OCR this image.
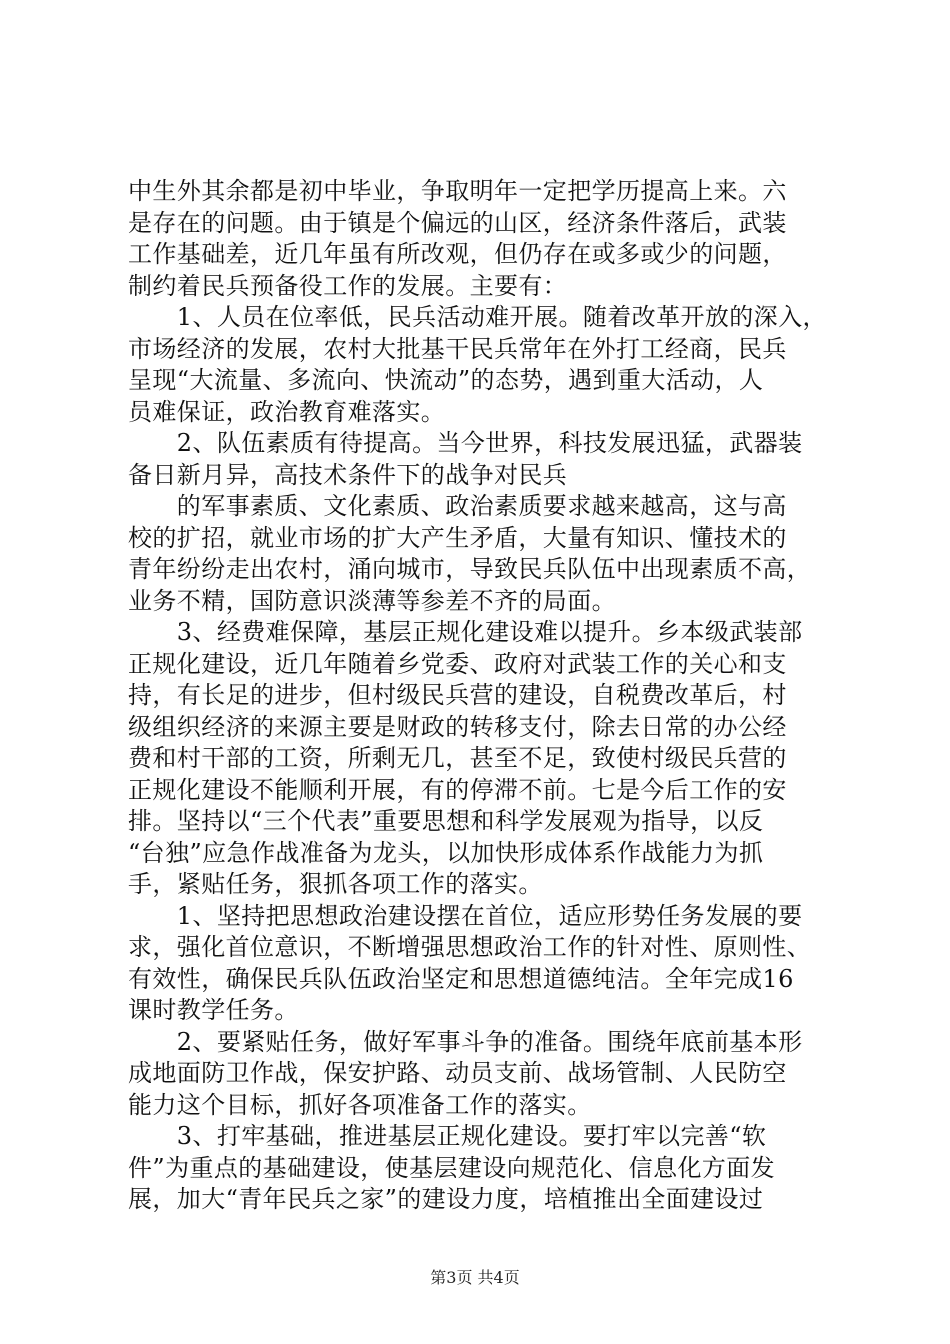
中生外其余都是初中毕业，争取明年一定把学历提高上来。六
是存在的问题。由于镇是个偏远的山区，经济条件落后，武装
工作基础差，近几年虽有所改观，但仍存在或多或少的问题，
制约着民兵预备役工作的发展。主要有：
　　1、人员在位率低，民兵活动难开展。随着改革开放的深入，
市场经济的发展，农村大批基干民兵常年在外打工经商，民兵
呈现“大流量、多流向、快流动”的态势，遇到重大活动，人
员难保证，政治教育难落实。
　　2、队伍素质有待提高。当今世界，科技发展迅猛，武器装
备日新月异，高技术条件下的战争对民兵
　　的军事素质、文化素质、政治素质要求越来越高，这与高
校的扩招，就业市场的扩大产生矛盾，大量有知识、懂技术的
青年纷纷走出农村，涌向城市，导致民兵队伍中出现素质不高，
业务不精，国防意识淡薄等参差不齐的局面。
　　3、经费难保障，基层正规化建设难以提升。乡本级武装部
正规化建设，近几年随着乡党委、政府对武装工作的关心和支
持，有长足的进步，但村级民兵营的建设，自税费改革后，村
级组织经济的来源主要是财政的转移支付，除去日常的办公经
费和村干部的工资，所剩无几，甚至不足，致使村级民兵营的
正规化建设不能顺利开展，有的停滞不前。七是今后工作的安
排。坚持以“三个代表”重要思想和科学发展观为指导，以反
“台独”应急作战准备为龙头，以加快形成体系作战能力为抓
手，紧贴任务，狠抓各项工作的落实。
　　1、坚持把思想政治建设摆在首位，适应形势任务发展的要
求，强化首位意识，不断增强思想政治工作的针对性、原则性、
有效性，确保民兵队伍政治坚定和思想道德纯洁。全年完成16
课时教学任务。
　　2、要紧贴任务，做好军事斗争的准备。围绕年底前基本形
成地面防卫作战，保安护路、动员支前、战场管制、人民防空
能力这个目标，抓好各项准备工作的落实。
　　3、打牢基础，推进基层正规化建设。要打牢以完善“软
件”为重点的基础建设，使基层建设向规范化、信息化方面发
展，加大“青年民兵之家”的建设力度，培植推出全面建设过
第3页 共4页
